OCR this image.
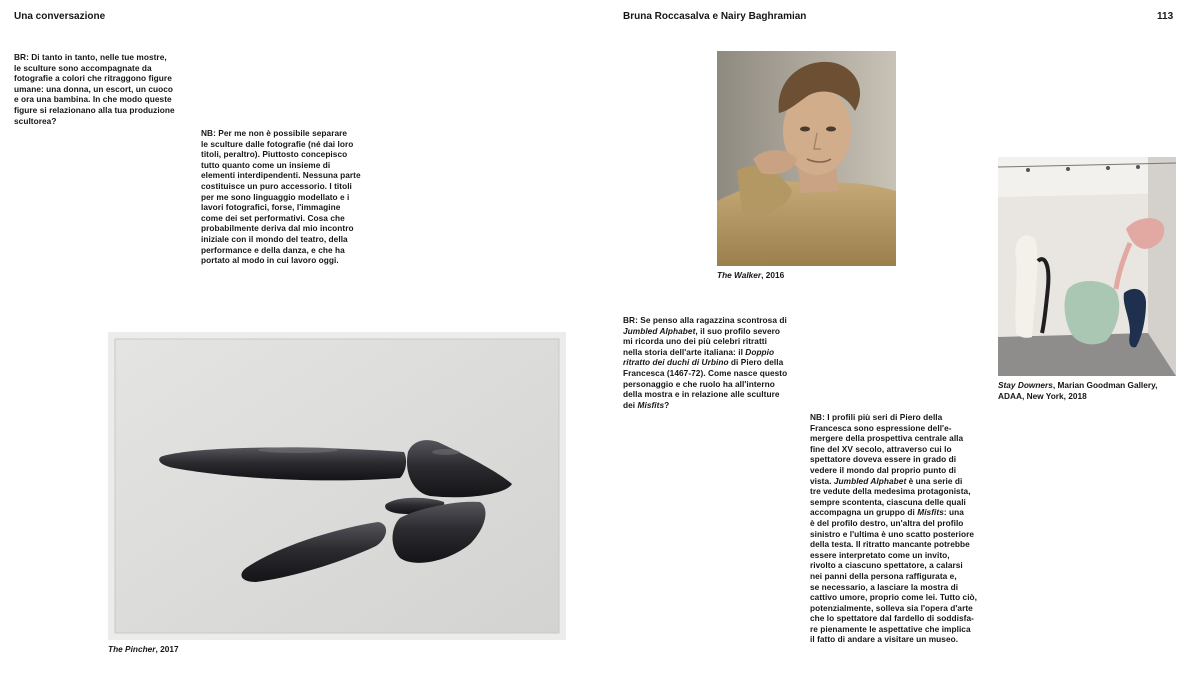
Una conversazione	Bruna Roccasalva e Nairy Baghramian	113
BR: Di tanto in tanto, nelle tue mostre,
le sculture sono accompagnate da
fotografie a colori che ritraggono figure
umane: una donna, un escort, un cuoco
e ora una bambina. In che modo queste
figure si relazionano alla tua produzione
scultorea?
NB: Per me non è possibile separare
le sculture dalle fotografie (né dai loro
titoli, peraltro). Piuttosto concepisco
tutto quanto come un insieme di
elementi interdipendenti. Nessuna parte
costituisce un puro accessorio. I titoli
per me sono linguaggio modellato e i
lavori fotografici, forse, l'immagine
come dei set performativi. Cosa che
probabilmente deriva dal mio incontro
iniziale con il mondo del teatro, della
performance e della danza, e che ha
portato al modo in cui lavoro oggi.
The Pincher, 2017
The Walker, 2016
Stay Downers, Marian Goodman Gallery,
ADAA, New York, 2018
BR: Se penso alla ragazzina scontrosa di
Jumbled Alphabet, il suo profilo severo
mi ricorda uno dei più celebri ritratti
nella storia dell'arte italiana: il Doppio
ritratto dei duchi di Urbino di Piero della
Francesca (1467-72). Come nasce questo
personaggio e che ruolo ha all'interno
della mostra e in relazione alle sculture
dei Misfits?
NB: I profili più seri di Piero della
Francesca sono espressione dell'e-
mergere della prospettiva centrale alla
fine del XV secolo, attraverso cui lo
spettatore doveva essere in grado di
vedere il mondo dal proprio punto di
vista. Jumbled Alphabet è una serie di
tre vedute della medesima protagonista,
sempre scontenta, ciascuna delle quali
accompagna un gruppo di Misfits: una
è del profilo destro, un'altra del profilo
sinistro e l'ultima è uno scatto posteriore
della testa. Il ritratto mancante potrebbe
essere interpretato come un invito,
rivolto a ciascuno spettatore, a calarsi
nei panni della persona raffigurata e,
se necessario, a lasciare la mostra di
cattivo umore, proprio come lei. Tutto ciò,
potenzialmente, solleva sia l'opera d'arte
che lo spettatore dal fardello di soddisfa-
re pienamente le aspettative che implica
il fatto di andare a visitare un museo.
